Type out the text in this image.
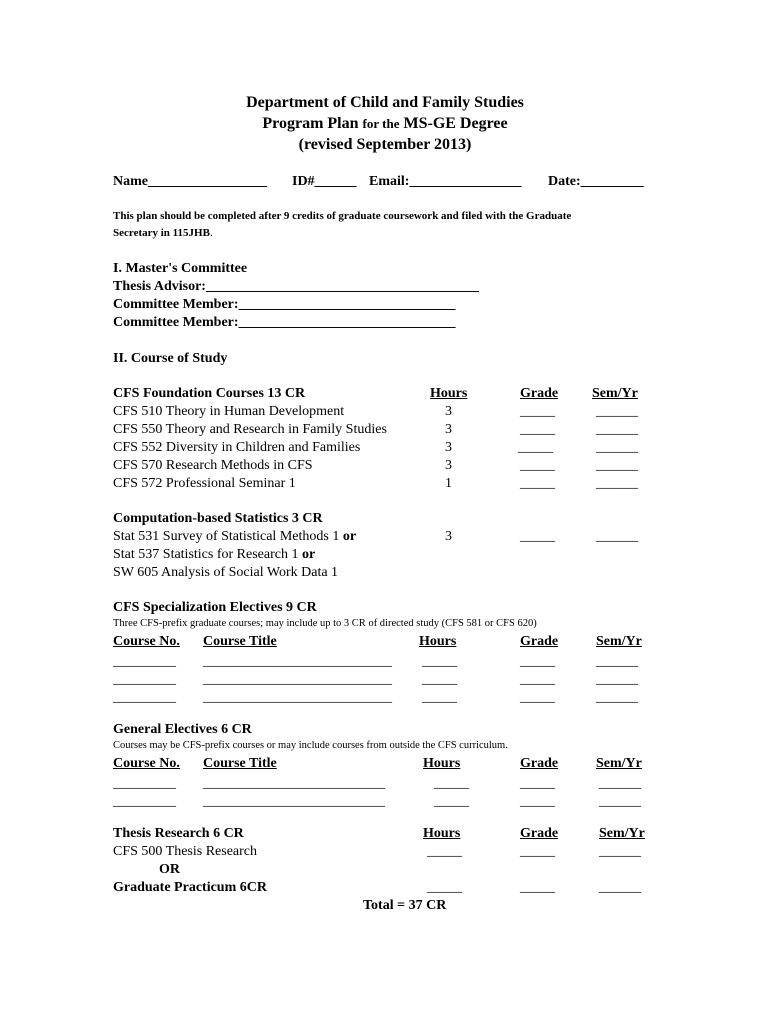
Department of Child and Family Studies
Program Plan for the MS-GE Degree
(revised September 2013)
Name_________________ ID#______ Email:________________ Date:_________
This plan should be completed after 9 credits of graduate coursework and filed with the Graduate
Secretary in 115JHB.
I. Master's Committee
Thesis Advisor:_______________________________________
Committee Member:_______________________________
Committee Member:_______________________________
II. Course of Study
CFS Foundation Courses 13 CR	Hours	Grade Sem/Yr
CFS 510 Theory in Human Development	3	_____	______
CFS 550 Theory and Research in Family Studies	3	_____	______
CFS 552 Diversity in Children and Families	3	_____	______
CFS 570 Research Methods in CFS	3	_____	______
CFS 572 Professional Seminar 1	1	_____	______
Computation-based Statistics 3 CR
Stat 531 Survey of Statistical Methods 1 or	3	_____	______
Stat 537 Statistics for Research 1 or
SW 605 Analysis of Social Work Data 1
CFS Specialization Electives 9 CR
Three CFS-prefix graduate courses; may include up to 3 CR of directed study (CFS 581 or CFS 620)
Course No. Course Title	Hours	Grade	Sem/Yr
_________ ___________________________ _____	_____	______
_________ ___________________________ _____	_____	______
_________ ___________________________ _____	_____	______
General Electives 6 CR
Courses may be CFS-prefix courses or may include courses from outside the CFS curriculum.
Course No. Course Title	Hours	Grade	Sem/Yr
_________ __________________________	_____	_____	______
_________ __________________________	_____	_____	______
Thesis Research 6 CR	Hours	Grade	Sem/Yr
CFS 500 Thesis Research	_____	_____	______
OR
Graduate Practicum 6CR	_____	_____	______
Total = 37 CR
